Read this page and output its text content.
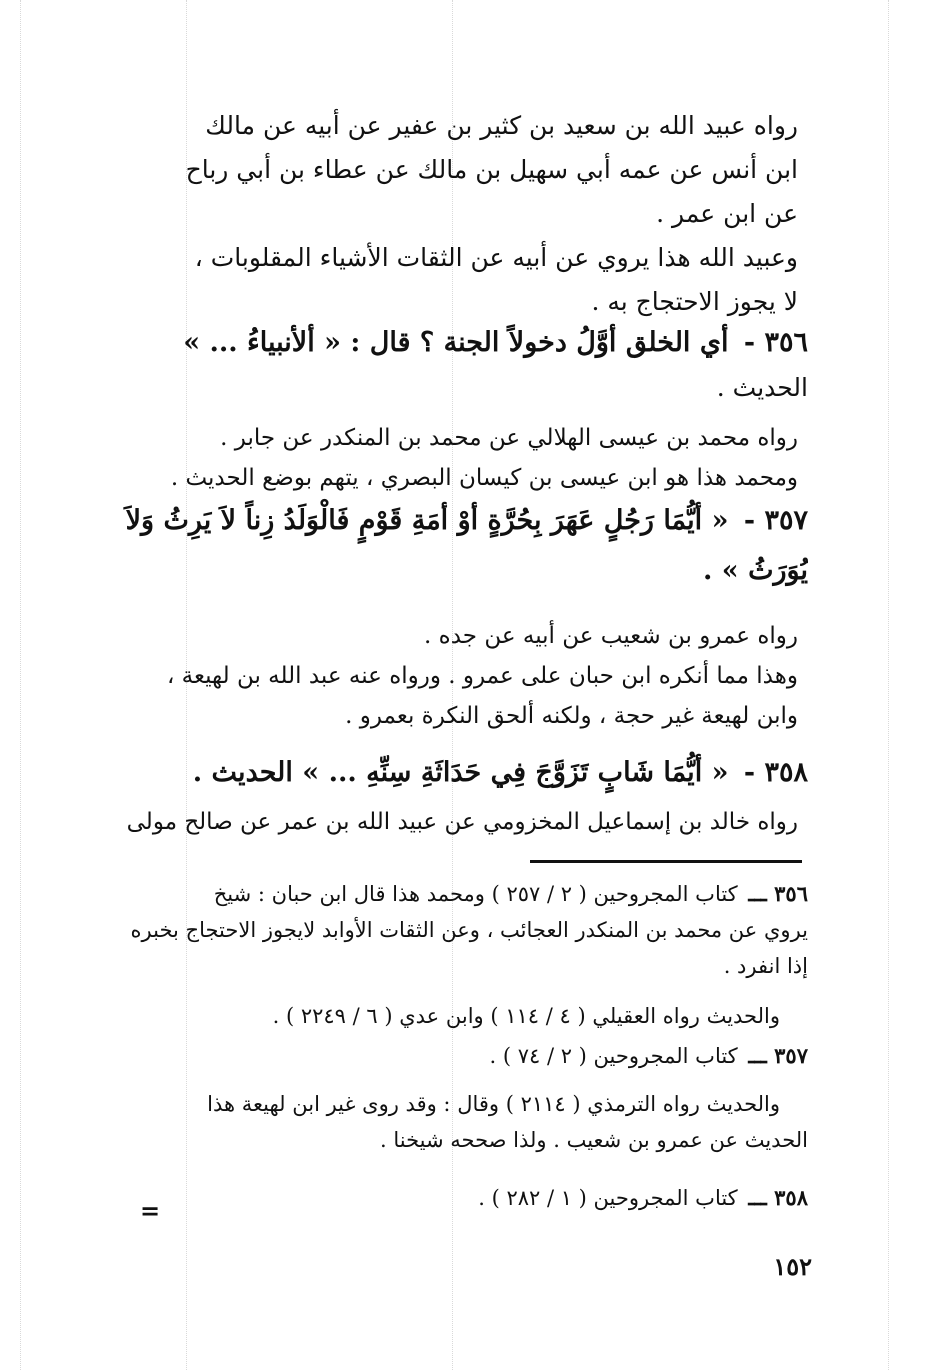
رواه عبيد الله بن سعيد بن كثير بن عفير عن أبيه عن مالك
ابن أنس عن عمه أبي سهيل بن مالك عن عطاء بن أبي رباح
عن ابن عمر .
وعبيد الله هذا يروي عن أبيه عن الثقات الأشياء المقلوبات ،
لا يجوز الاحتجاج به .
٣٥٦ - أي الخلق أوَّلُ دخولاً الجنة ؟ قال : « ألأنبياءُ ... »
الحديث .
رواه محمد بن عيسى الهلالي عن محمد بن المنكدر عن جابر .
ومحمد هذا هو ابن عيسى بن كيسان البصري ، يتهم بوضع الحديث .
٣٥٧ - « أيُّمَا رَجُلٍ عَهَرَ بِحُرَّةٍ أوْ أمَةِ قَوْمٍ فَالْوَلَدُ زِناً لاَ يَرِثُ وَلاَ
يُوَرَثُ » .
رواه عمرو بن شعيب عن أبيه عن جده .
وهذا مما أنكره ابن حبان على عمرو . ورواه عنه عبد الله بن لهيعة ،
وابن لهيعة غير حجة ، ولكنه ألحق النكرة بعمرو .
٣٥٨ - « أيُّمَا شَابٍ تَزَوَّجَ فِي حَدَاثَةِ سِنِّهِ ... » الحديث .
رواه خالد بن إسماعيل المخزومي عن عبيد الله بن عمر عن صالح مولى
٣٥٦ ـــ كتاب المجروحين ( ٢ / ٢٥٧ ) ومحمد هذا قال ابن حبان : شيخ
يروي عن محمد بن المنكدر العجائب ، وعن الثقات الأوابد لايجوز الاحتجاج بخبره
إذا انفرد .
والحديث رواه العقيلي ( ٤ / ١١٤ ) وابن عدي ( ٦ / ٢٢٤٩ ) .
٣٥٧ ـــ كتاب المجروحين ( ٢ / ٧٤ ) .
والحديث رواه الترمذي ( ٢١١٤ ) وقال : وقد روى غير ابن لهيعة هذا
الحديث عن عمرو بن شعيب . ولذا صححه شيخنا .
٣٥٨ ـــ كتاب المجروحين ( ١ / ٢٨٢ ) .
=
١٥٢
